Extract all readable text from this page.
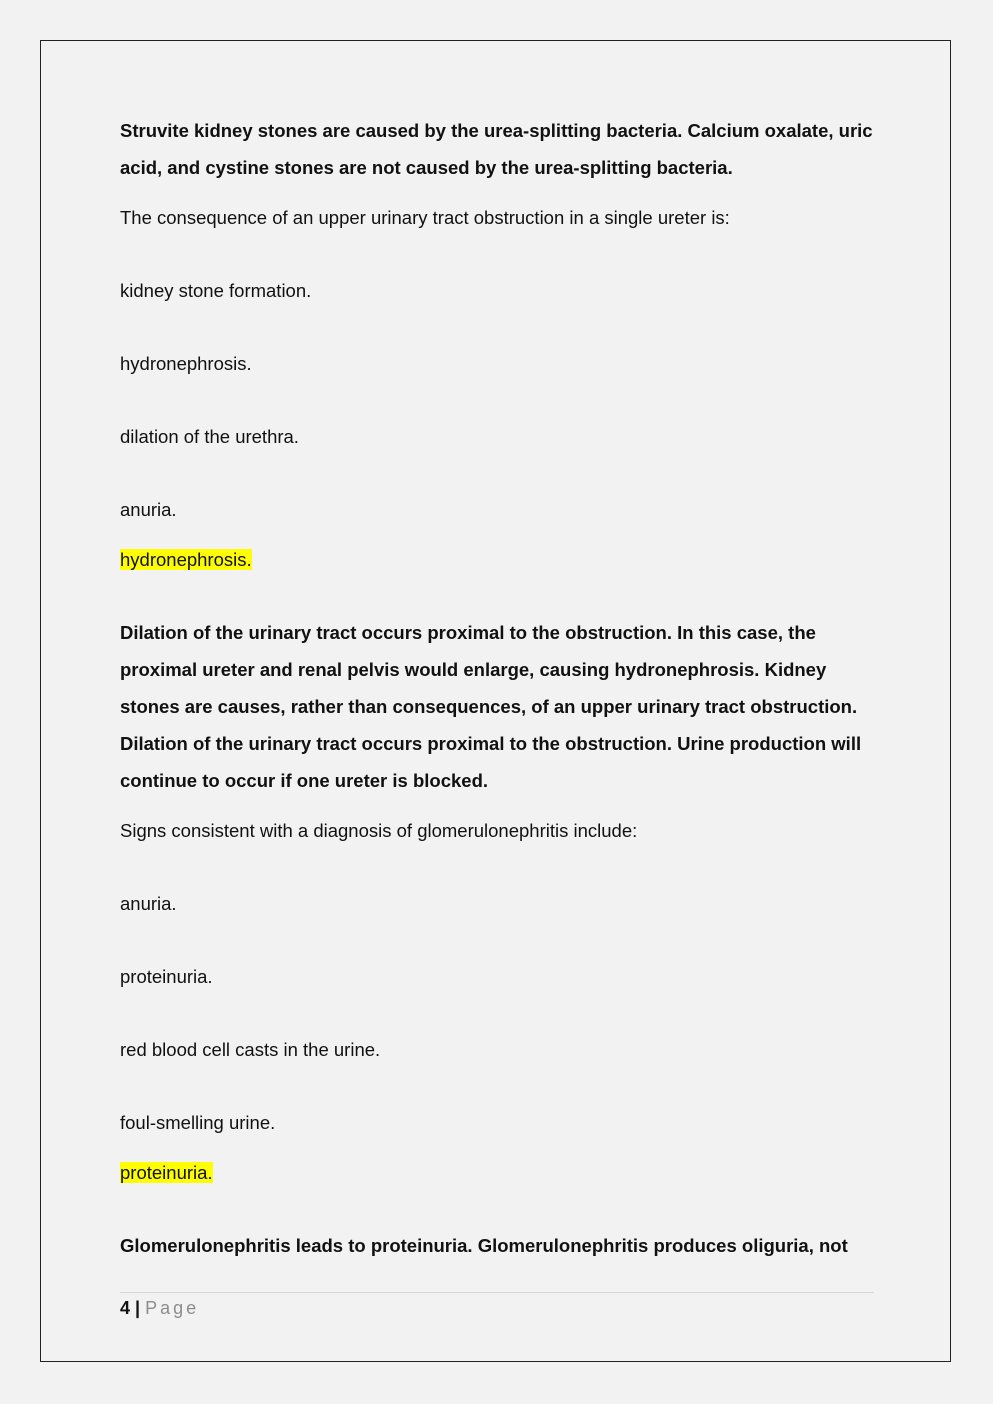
Struvite kidney stones are caused by the urea-splitting bacteria. Calcium oxalate, uric acid, and cystine stones are not caused by the urea-splitting bacteria.

The consequence of an upper urinary tract obstruction in a single ureter is:

kidney stone formation.

hydronephrosis.

dilation of the urethra.

anuria.

hydronephrosis.

Dilation of the urinary tract occurs proximal to the obstruction. In this case, the proximal ureter and renal pelvis would enlarge, causing hydronephrosis. Kidney stones are causes, rather than consequences, of an upper urinary tract obstruction. Dilation of the urinary tract occurs proximal to the obstruction. Urine production will continue to occur if one ureter is blocked.

Signs consistent with a diagnosis of glomerulonephritis include:

anuria.

proteinuria.

red blood cell casts in the urine.

foul-smelling urine.

proteinuria.

Glomerulonephritis leads to proteinuria. Glomerulonephritis produces oliguria, not

4 | Page
